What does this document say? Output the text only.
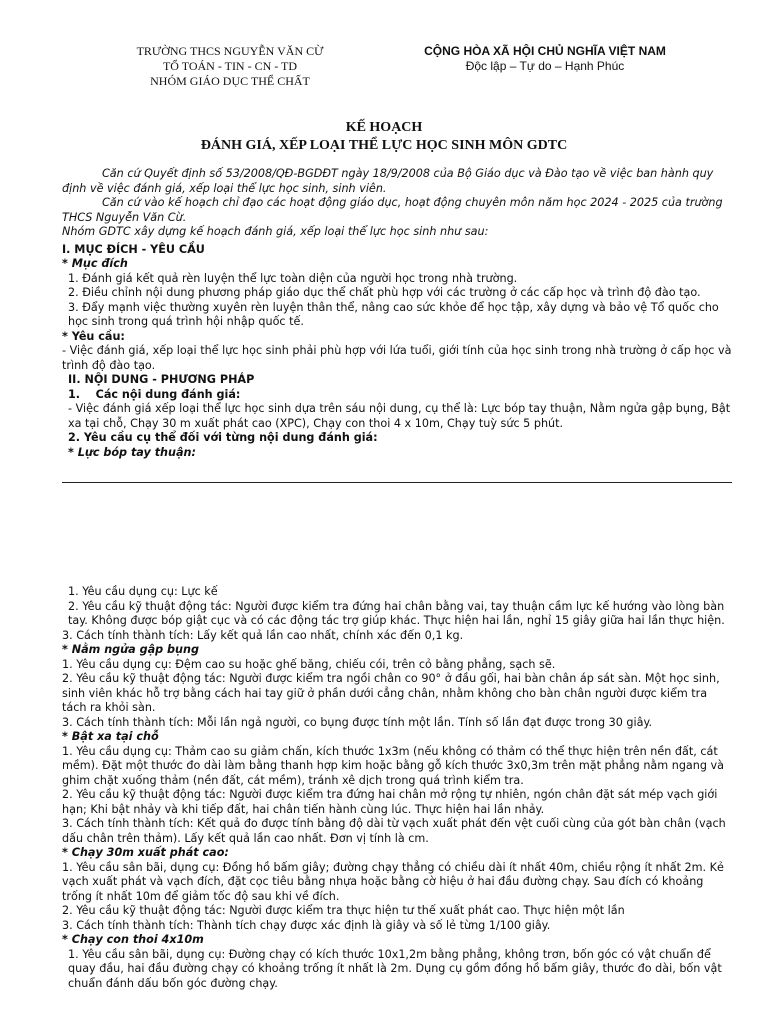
TRƯỜNG THCS NGUYỄN VĂN CỪ
TỔ TOÁN - TIN - CN - TD
NHÓM GIÁO DỤC THỂ CHẤT
CỘNG HÒA XÃ HỘI CHỦ NGHĨA VIỆT NAM
Độc lập – Tự do – Hạnh Phúc
KẾ HOẠCH
ĐÁNH GIÁ, XẾP LOẠI THỂ LỰC HỌC SINH MÔN GDTC

Căn cứ Quyết định số 53/2008/QĐ-BGDĐT ngày 18/9/2008 của Bộ Giáo dục và Đào tạo về việc ban hành quy định về việc đánh giá, xếp loại thể lực học sinh, sinh viên.

Căn cứ vào kế hoạch chỉ đạo các hoạt động giáo dục, hoạt động chuyên môn năm học 2024 - 2025 của trường THCS Nguyễn Văn Cừ.

Nhóm GDTC xây dựng kế hoạch đánh giá, xếp loại thể lực học sinh như sau:

I. MỤC ĐÍCH - YÊU CẦU

* Mục đích

1. Đánh giá kết quả rèn luyện thể lực toàn diện của người học trong nhà trường.

2. Điều chỉnh nội dung phương pháp giáo dục thể chất phù hợp với các trường ở các cấp học và trình độ đào tạo.

3. Đẩy mạnh việc thường xuyên rèn luyện thân thể, nâng cao sức khỏe để học tập, xây dựng và bảo vệ Tổ quốc cho học sinh trong quá trình hội nhập quốc tế.

* Yêu cầu:

- Việc đánh giá, xếp loại thể lực học sinh phải phù hợp với lứa tuổi, giới tính của học sinh trong nhà trường ở cấp học và trình độ đào tạo.

II. NỘI DUNG - PHƯƠNG PHÁP

1. Các nội dung đánh giá:

- Việc đánh giá xếp loại thể lực học sinh dựa trên sáu nội dung, cụ thể là: Lực bóp tay thuận, Nằm ngửa gập bụng, Bật xa tại chỗ, Chạy 30 m xuất phát cao (XPC), Chạy con thoi 4 x 10m, Chạy tuỳ sức 5 phút.

2. Yêu cầu cụ thể đối với từng nội dung đánh giá:

* Lực bóp tay thuận:

1. Yêu cầu dụng cụ: Lực kế

2. Yêu cầu kỹ thuật động tác: Người được kiểm tra đứng hai chân bằng vai, tay thuận cầm lực kế hướng vào lòng bàn tay. Không được bóp giật cục và có các động tác trợ giúp khác. Thực hiện hai lần, nghỉ 15 giây giữa hai lần thực hiện.

3. Cách tính thành tích: Lấy kết quả lần cao nhất, chính xác đến 0,1 kg.

* Nằm ngửa gập bụng

1. Yêu cầu dụng cụ: Đệm cao su hoặc ghế băng, chiếu cói, trên cỏ bằng phẳng, sạch sẽ.

2. Yêu cầu kỹ thuật động tác: Người được kiểm tra ngồi chân co 90° ở đầu gối, hai bàn chân áp sát sàn. Một học sinh, sinh viên khác hỗ trợ bằng cách hai tay giữ ở phần dưới cẳng chân, nhằm không cho bàn chân người được kiểm tra tách ra khỏi sàn.

3. Cách tính thành tích: Mỗi lần ngả người, co bụng được tính một lần. Tính số lần đạt được trong 30 giây.

* Bật xa tại chỗ

1. Yêu cầu dụng cụ: Thảm cao su giảm chấn, kích thước 1x3m (nếu không có thảm có thể thực hiện trên nền đất, cát mềm). Đặt một thước đo dài làm bằng thanh hợp kim hoặc bằng gỗ kích thước 3x0,3m trên mặt phẳng nằm ngang và ghim chặt xuống thảm (nền đất, cát mềm), tránh xê dịch trong quá trình kiểm tra.

2. Yêu cầu kỹ thuật động tác: Người được kiểm tra đứng hai chân mở rộng tự nhiên, ngón chân đặt sát mép vạch giới hạn; Khi bật nhảy và khi tiếp đất, hai chân tiến hành cùng lúc. Thực hiện hai lần nhảy.

3. Cách tính thành tích: Kết quả đo được tính bằng độ dài từ vạch xuất phát đến vệt cuối cùng của gót bàn chân (vạch dấu chân trên thảm). Lấy kết quả lần cao nhất. Đơn vị tính là cm.

* Chạy 30m xuất phát cao:

1. Yêu cầu sân bãi, dụng cụ: Đồng hồ bấm giây; đường chạy thẳng có chiều dài ít nhất 40m, chiều rộng ít nhất 2m. Kẻ vạch xuất phát và vạch đích, đặt cọc tiêu bằng nhựa hoặc bằng cờ hiệu ở hai đầu đường chạy. Sau đích có khoảng trống ít nhất 10m để giảm tốc độ sau khi về đích.

2. Yêu cầu kỹ thuật động tác: Người được kiểm tra thực hiện tư thế xuất phát cao. Thực hiện một lần

3. Cách tính thành tích: Thành tích chạy được xác định là giây và số lẻ từng 1/100 giây.

* Chạy con thoi 4x10m

1. Yêu cầu sân bãi, dụng cụ: Đường chạy có kích thước 10x1,2m bằng phẳng, không trơn, bốn góc có vật chuẩn để quay đầu, hai đầu đường chạy có khoảng trống ít nhất là 2m. Dụng cụ gồm đồng hồ bấm giây, thước đo dài, bốn vật chuẩn đánh dấu bốn góc đường chạy.
